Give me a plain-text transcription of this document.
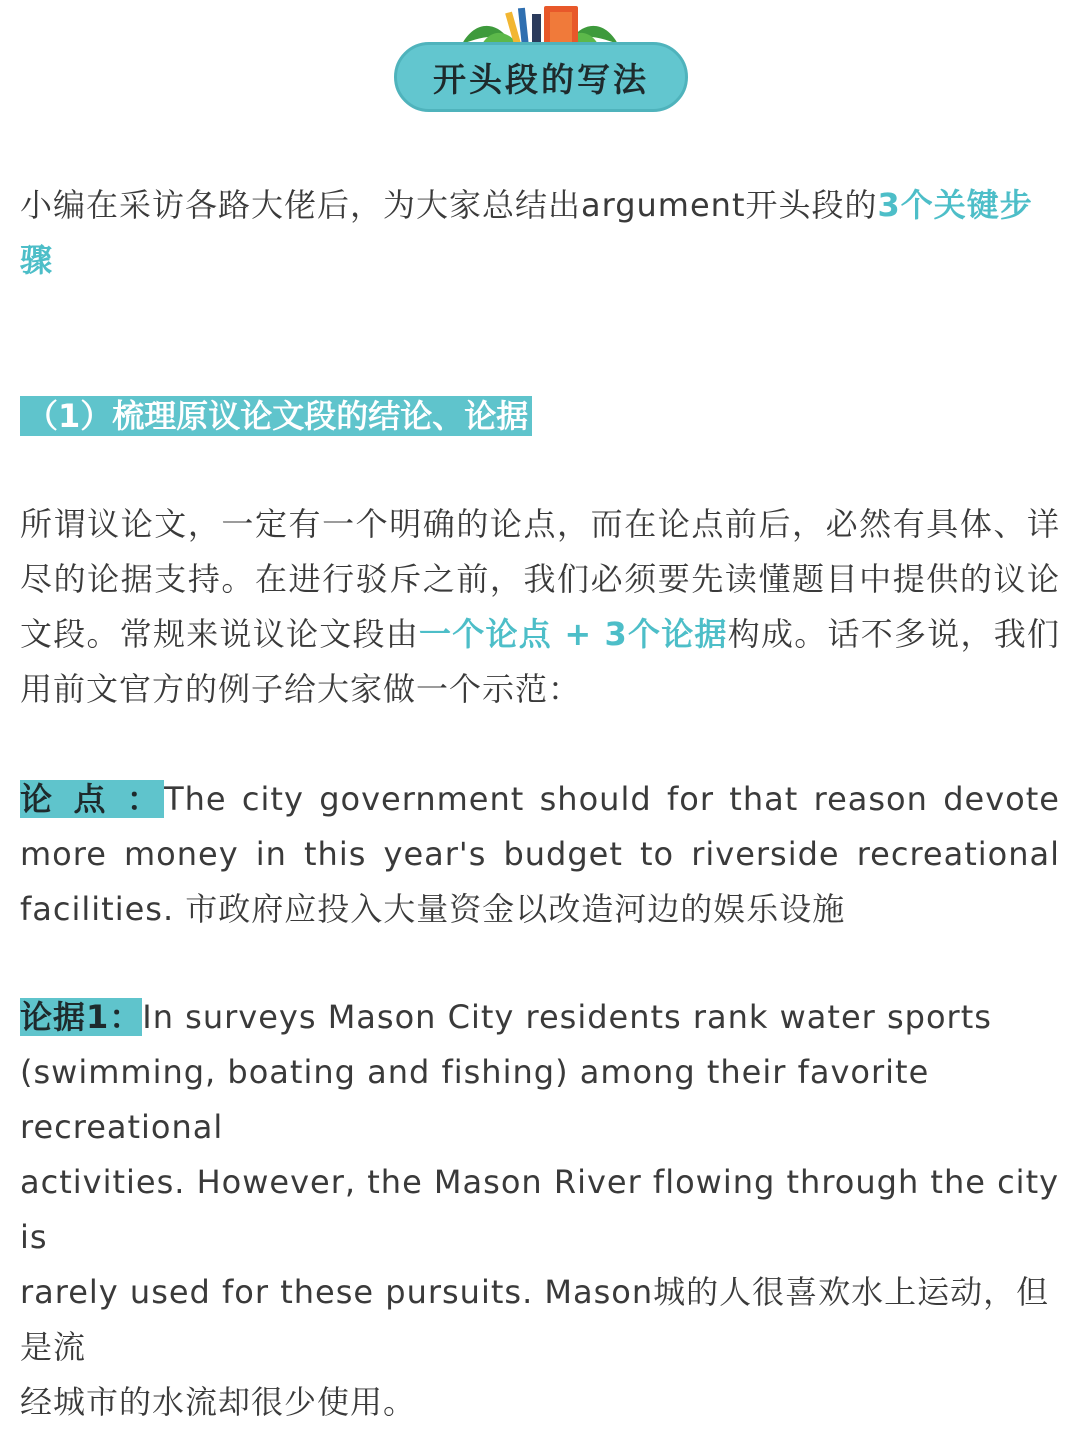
开头段的写法

小编在采访各路大佬后，为大家总结出argument开头段的3个关键步骤

（1）梳理原议论文段的结论、论据

所谓议论文，一定有一个明确的论点，而在论点前后，必然有具体、详尽的论据支持。在进行驳斥之前，我们必须要先读懂题目中提供的议论文段。常规来说议论文段由一个论点 + 3个论据构成。话不多说，我们用前文官方的例子给大家做一个示范：

论 点 ：The city government should for that reason devote more money in this year's budget to riverside recreational facilities. 市政府应投入大量资金以改造河边的娱乐设施

论据1：In surveys Mason City residents rank water sports
(swimming, boating and fishing) among their favorite recreational
activities. However, the Mason River flowing through the city is
rarely used for these pursuits. Mason城的人很喜欢水上运动，但是流
经城市的水流却很少使用。
